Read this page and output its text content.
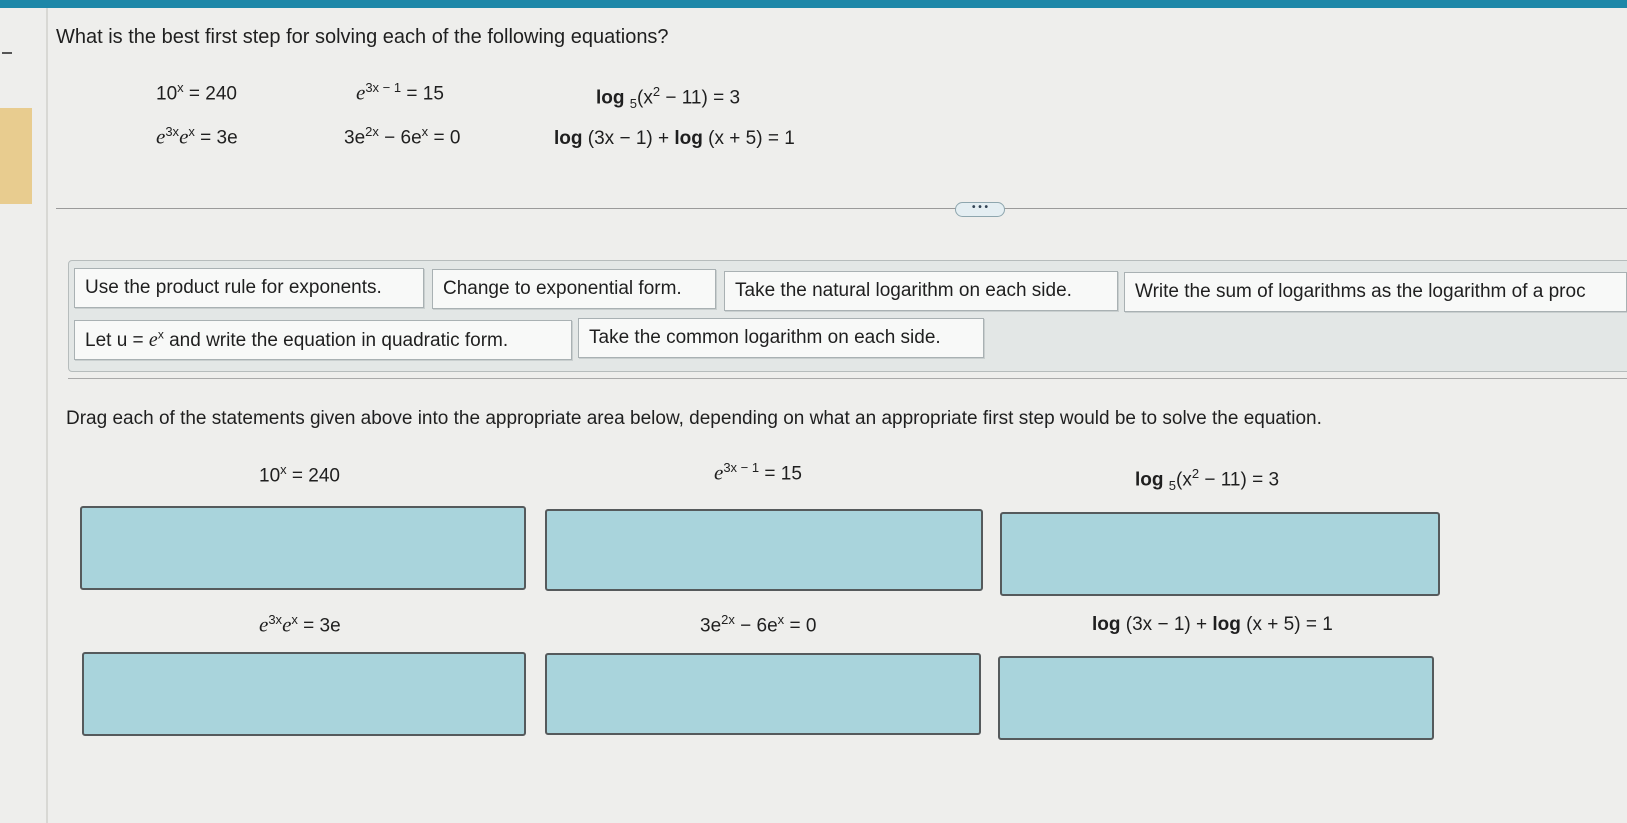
What is the best first step for solving each of the following equations?
$10^x = 240$	$e^{3x - 1} = 15$	$\log _5(x^2 - 11) = 3$
$e^{3x}e^x = 3e$	$3e^{2x} - 6e^x = 0$	log (3x − 1) + log (x + 5) = 1
• • •
Use the product rule for exponents.	Change to exponential form.	Take the natural logarithm on each side.	Write the sum of logarithms as the logarithm of a proc
Let $u = e^x$ and write the equation in quadratic form.	Take the common logarithm on each side.
Drag each of the statements given above into the appropriate area below, depending on what an appropriate first step would be to solve the equation.
$10^x = 240$	$e^{3x - 1} = 15$	$\log _5(x^2 - 11) = 3$
$e^{3x}e^x = 3e$	$3e^{2x} - 6e^x = 0$	log (3x − 1) + log (x + 5) = 1
